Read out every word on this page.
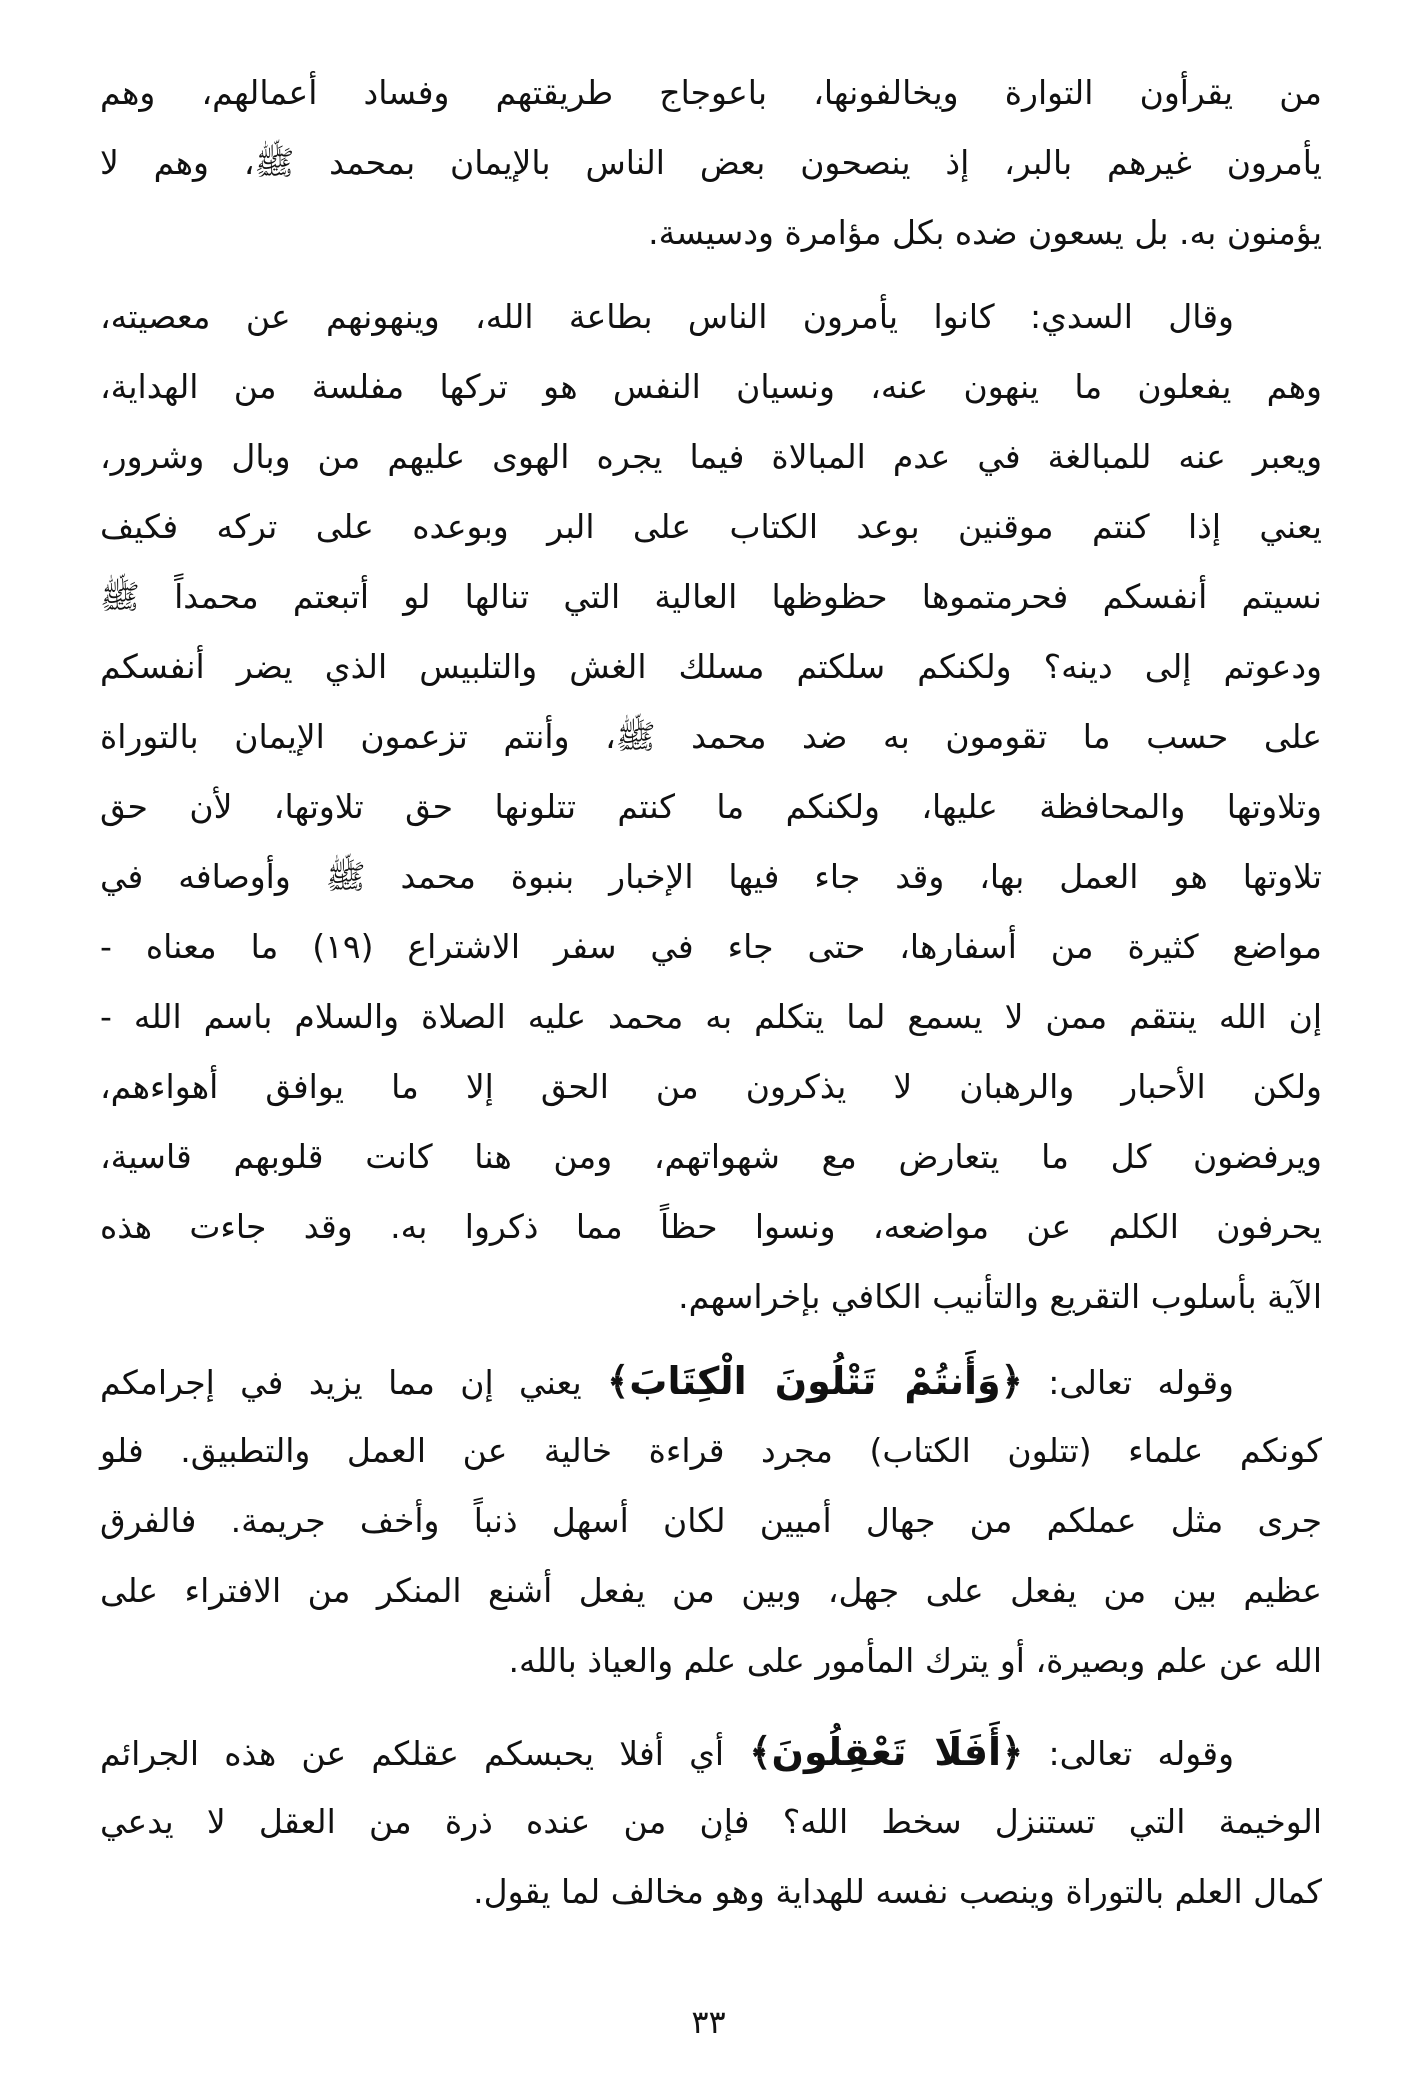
من يقرأون التوارة ويخالفونها، باعوجاج طريقتهم وفساد أعمالهم، وهم
يأمرون غيرهم بالبر، إذ ينصحون بعض الناس بالإيمان بمحمد ﷺ، وهم لا
يؤمنون به. بل يسعون ضده بكل مؤامرة ودسيسة.
وقال السدي: كانوا يأمرون الناس بطاعة الله، وينهونهم عن معصيته،
وهم يفعلون ما ينهون عنه، ونسيان النفس هو تركها مفلسة من الهداية،
ويعبر عنه للمبالغة في عدم المبالاة فيما يجره الهوى عليهم من وبال وشرور،
يعني إذا كنتم موقنين بوعد الكتاب على البر وبوعده على تركه فكيف
نسيتم أنفسكم فحرمتموها حظوظها العالية التي تنالها لو أتبعتم محمداً ﷺ
ودعوتم إلى دينه؟ ولكنكم سلكتم مسلك الغش والتلبيس الذي يضر أنفسكم
على حسب ما تقومون به ضد محمد ﷺ، وأنتم تزعمون الإيمان بالتوراة
وتلاوتها والمحافظة عليها، ولكنكم ما كنتم تتلونها حق تلاوتها، لأن حق
تلاوتها هو العمل بها، وقد جاء فيها الإخبار بنبوة محمد ﷺ وأوصافه في
مواضع كثيرة من أسفارها، حتى جاء في سفر الاشتراع (١٩) ما معناه -
إن الله ينتقم ممن لا يسمع لما يتكلم به محمد عليه الصلاة والسلام باسم الله -
ولكن الأحبار والرهبان لا يذكرون من الحق إلا ما يوافق أهواءهم،
ويرفضون كل ما يتعارض مع شهواتهم، ومن هنا كانت قلوبهم قاسية،
يحرفون الكلم عن مواضعه، ونسوا حظاً مما ذكروا به. وقد جاءت هذه
الآية بأسلوب التقريع والتأنيب الكافي بإخراسهم.
وقوله تعالى: ﴿وَأَنتُمْ تَتْلُونَ الْكِتَابَ﴾ يعني إن مما يزيد في إجرامكم
كونكم علماء (تتلون الكتاب) مجرد قراءة خالية عن العمل والتطبيق. فلو
جرى مثل عملكم من جهال أميين لكان أسهل ذنباً وأخف جريمة. فالفرق
عظيم بين من يفعل على جهل، وبين من يفعل أشنع المنكر من الافتراء على
الله عن علم وبصيرة، أو يترك المأمور على علم والعياذ بالله.
وقوله تعالى: ﴿أَفَلَا تَعْقِلُونَ﴾ أي أفلا يحبسكم عقلكم عن هذه الجرائم
الوخيمة التي تستنزل سخط الله؟ فإن من عنده ذرة من العقل لا يدعي
كمال العلم بالتوراة وينصب نفسه للهداية وهو مخالف لما يقول.
٣٣
